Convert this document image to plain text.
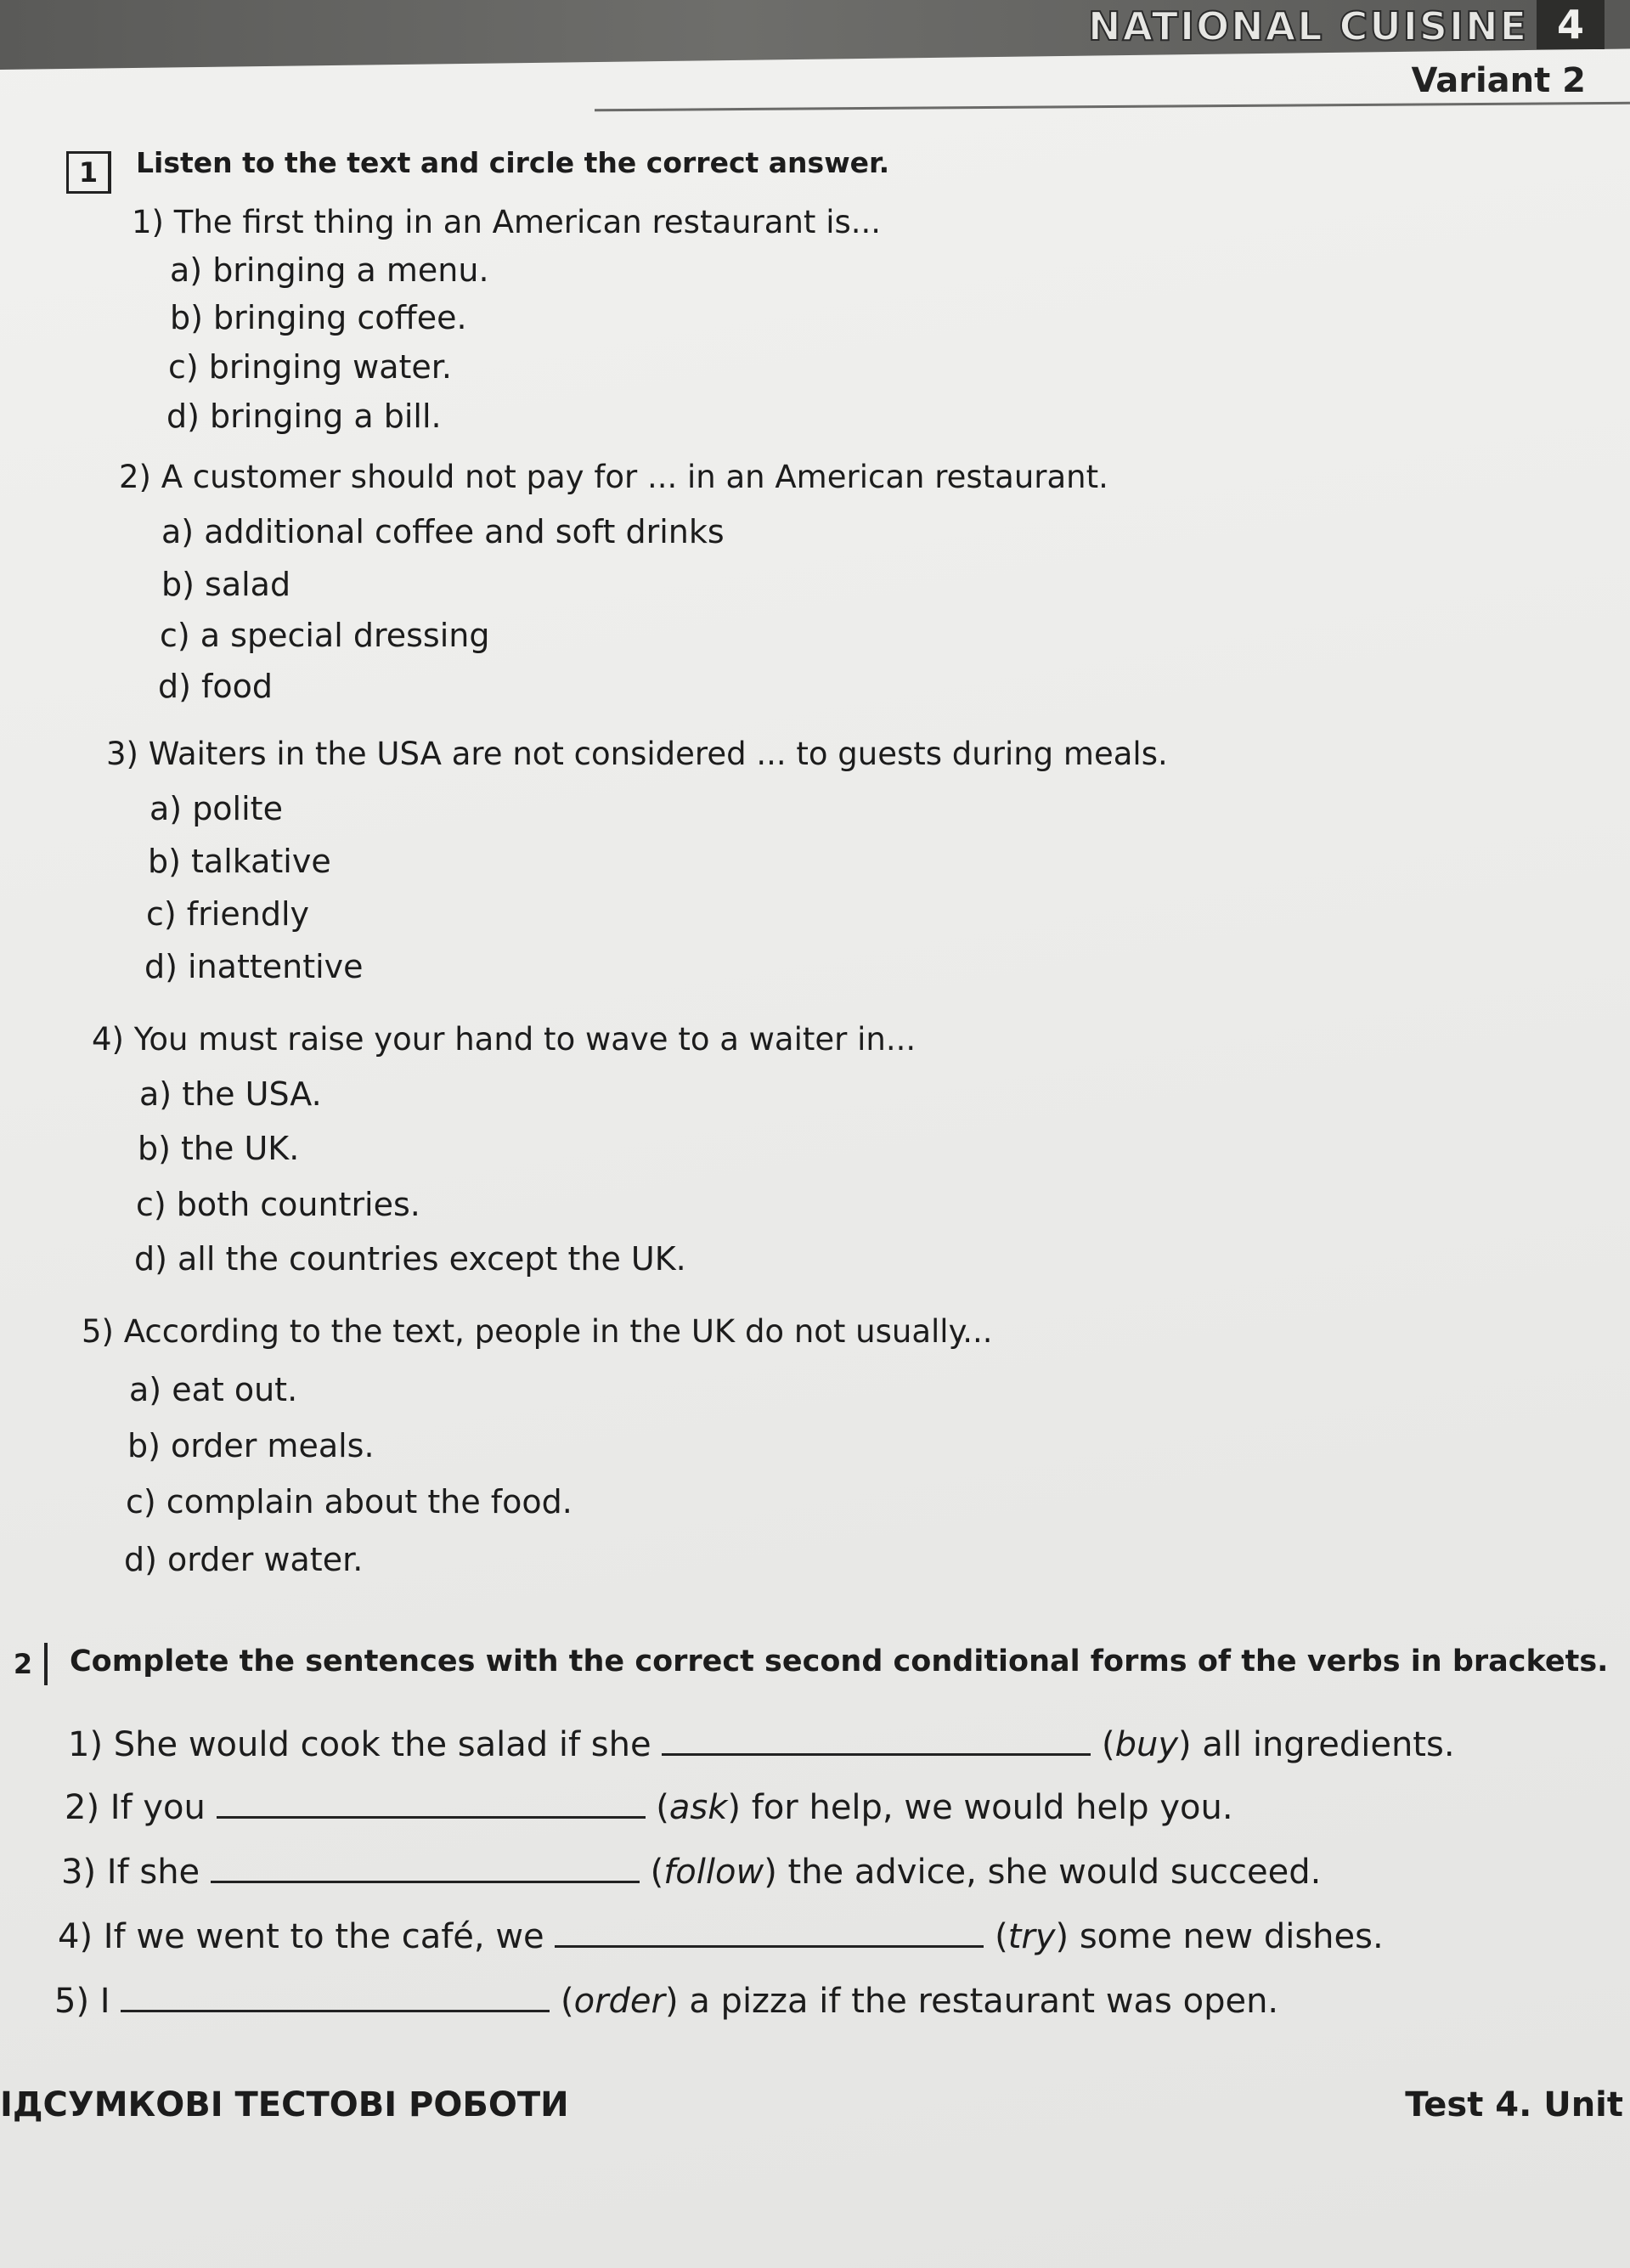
NATIONAL CUISINE 4
Variant 2
1	Listen to the text and circle the correct answer.
1) The first thing in an American restaurant is...
a) bringing a menu.
b) bringing coffee.
c) bringing water.
d) bringing a bill.
2) A customer should not pay for ... in an American restaurant.
a) additional coffee and soft drinks
b) salad
c) a special dressing
d) food
3) Waiters in the USA are not considered ... to guests during meals.
a) polite
b) talkative
c) friendly
d) inattentive
4) You must raise your hand to wave to a waiter in...
a) the USA.
b) the UK.
c) both countries.
d) all the countries except the UK.
5) According to the text, people in the UK do not usually...
a) eat out.
b) order meals.
c) complain about the food.
d) order water.
2	Complete the sentences with the correct second conditional forms of the verbs in brackets.
1) She would cook the salad if she	(buy) all ingredients.
2) If you	(ask) for help, we would help you.
3) If she	(follow) the advice, she would succeed.
4) If we went to the café, we	(try) some new dishes.
5) I	(order) a pizza if the restaurant was open.
ІДСУМКОВІ ТЕСТОВІ РОБОТИ	Test 4. Unit
